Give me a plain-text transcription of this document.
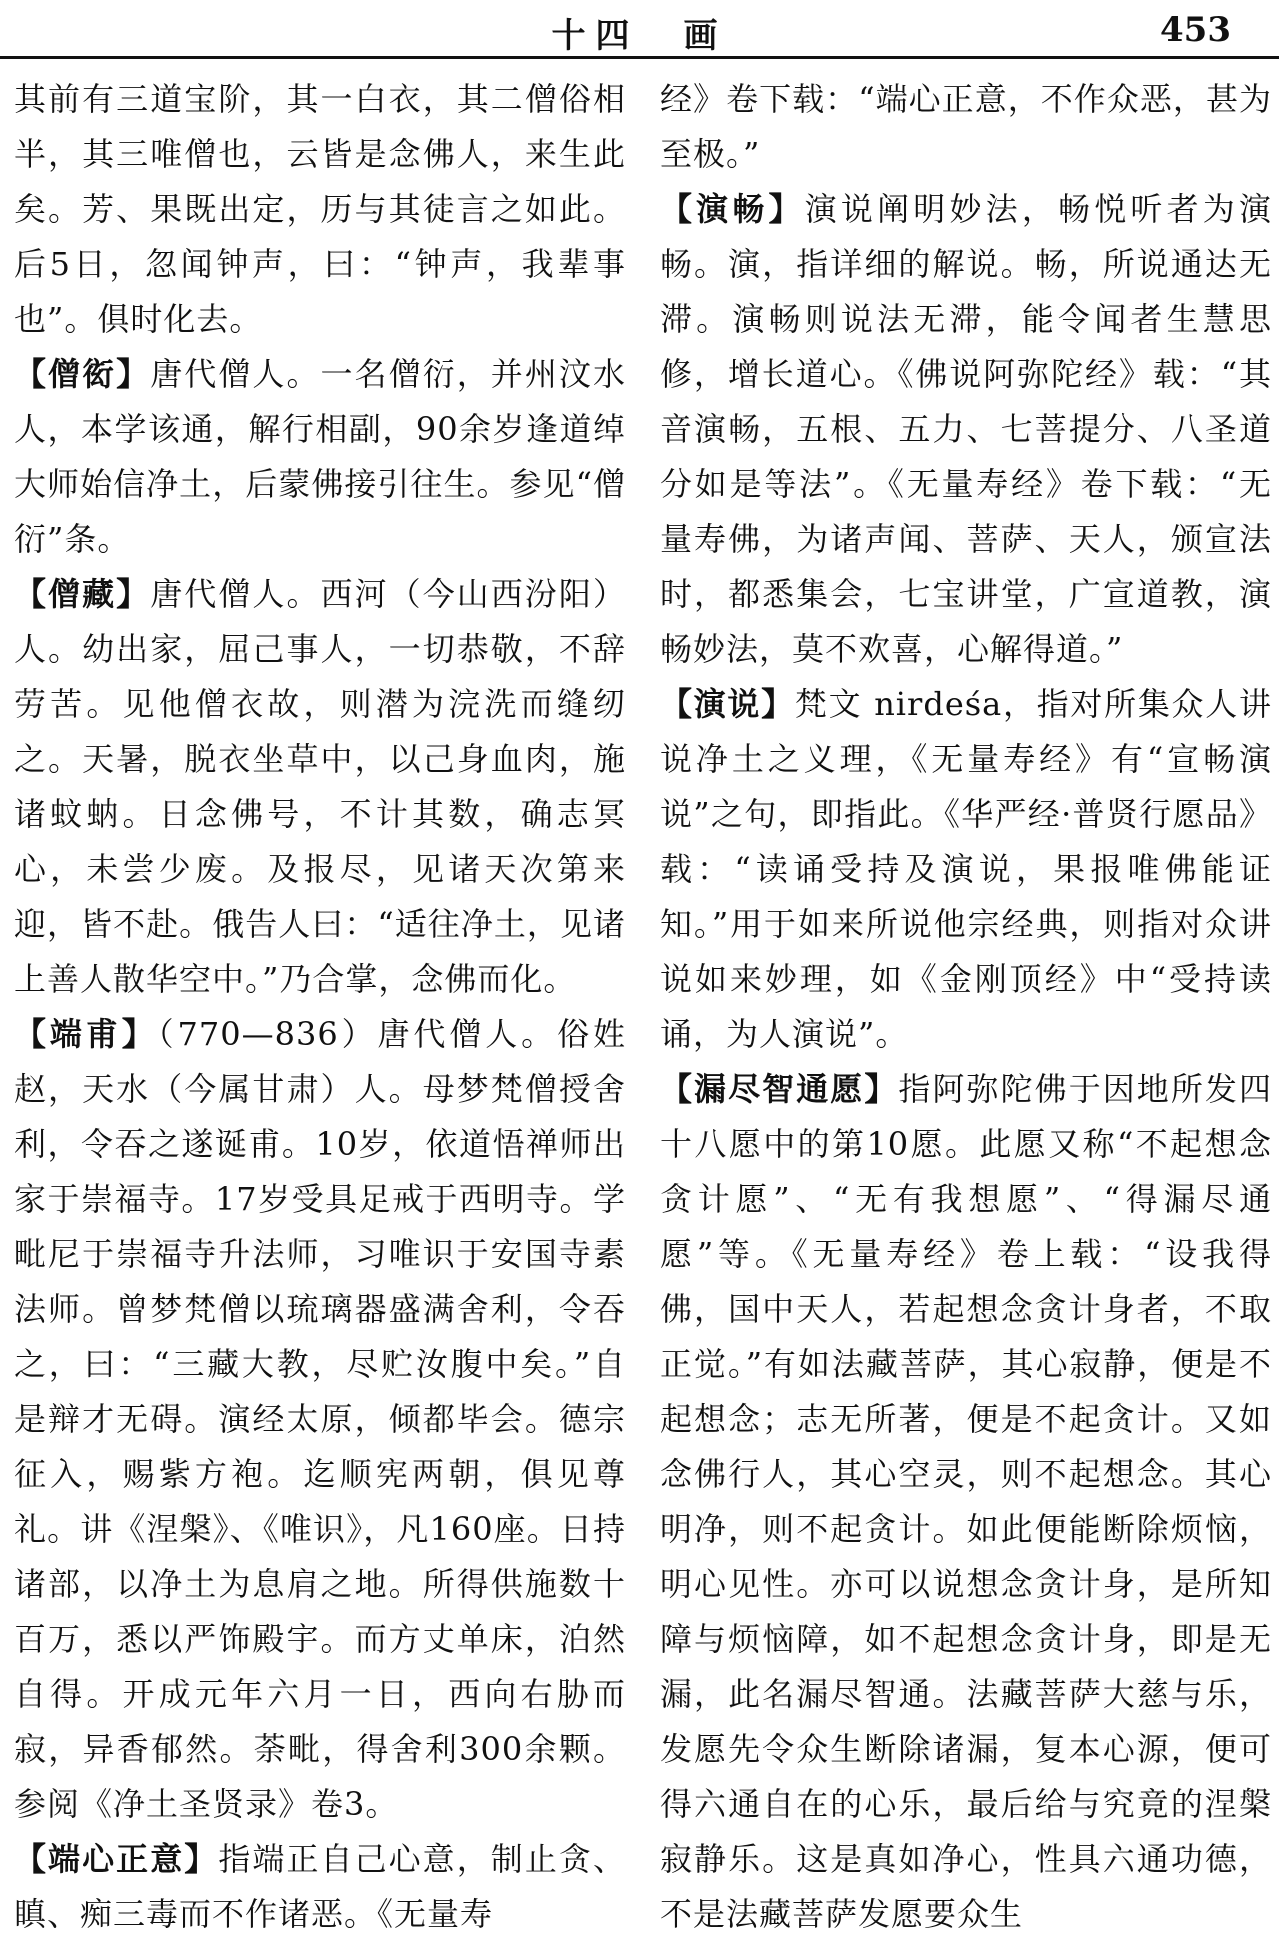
十四　画	453

其前有三道宝阶，其一白衣，其二僧俗相半，其三唯僧也，云皆是念佛人，来生此矣。芳、果既出定，历与其徒言之如此。后5日，忽闻钟声，曰：“钟声，我辈事也”。俱时化去。

【僧衒】唐代僧人。一名僧衍，并州汶水人，本学该通，解行相副，90余岁逢道绰大师始信净土，后蒙佛接引往生。参见“僧衍”条。

【僧藏】唐代僧人。西河（今山西汾阳）人。幼出家，屈己事人，一切恭敬，不辞劳苦。见他僧衣故，则潜为浣洗而缝纫之。天暑，脱衣坐草中，以己身血肉，施诸蚊蚋。日念佛号，不计其数，确志冥心，未尝少废。及报尽，见诸天次第来迎，皆不赴。俄告人曰：“适往净土，见诸上善人散华空中。”乃合掌，念佛而化。

【端甫】（770—836）唐代僧人。俗姓赵，天水（今属甘肃）人。母梦梵僧授舍利，令吞之遂诞甫。10岁，依道悟禅师出家于崇福寺。17岁受具足戒于西明寺。学毗尼于崇福寺升法师，习唯识于安国寺素法师。曾梦梵僧以琉璃器盛满舍利，令吞之，曰：“三藏大教，尽贮汝腹中矣。”自是辩才无碍。演经太原，倾都毕会。德宗征入，赐紫方袍。迄顺宪两朝，俱见尊礼。讲《涅槃》、《唯识》，凡160座。日持诸部，以净土为息肩之地。所得供施数十百万，悉以严饰殿宇。而方丈单床，泊然自得。开成元年六月一日，西向右胁而寂，异香郁然。荼毗，得舍利300余颗。参阅《净土圣贤录》卷3。

【端心正意】指端正自己心意，制止贪、瞋、痴三毒而不作诸恶。《无量寿

经》卷下载：“端心正意，不作众恶，甚为至极。”

【演畅】演说阐明妙法，畅悦听者为演畅。演，指详细的解说。畅，所说通达无滞。演畅则说法无滞，能令闻者生慧思修，增长道心。《佛说阿弥陀经》载：“其音演畅，五根、五力、七菩提分、八圣道分如是等法”。《无量寿经》卷下载：“无量寿佛，为诸声闻、菩萨、天人，颁宣法时，都悉集会，七宝讲堂，广宣道教，演畅妙法，莫不欢喜，心解得道。”

【演说】梵文 nirdeśa，指对所集众人讲说净土之义理，《无量寿经》有“宣畅演说”之句，即指此。《华严经·普贤行愿品》载：“读诵受持及演说，果报唯佛能证知。”用于如来所说他宗经典，则指对众讲说如来妙理，如《金刚顶经》中“受持读诵，为人演说”。

【漏尽智通愿】指阿弥陀佛于因地所发四十八愿中的第10愿。此愿又称“不起想念贪计愿”、“无有我想愿”、“得漏尽通愿”等。《无量寿经》卷上载：“设我得佛，国中天人，若起想念贪计身者，不取正觉。”有如法藏菩萨，其心寂静，便是不起想念；志无所著，便是不起贪计。又如念佛行人，其心空灵，则不起想念。其心明净，则不起贪计。如此便能断除烦恼，明心见性。亦可以说想念贪计身，是所知障与烦恼障，如不起想念贪计身，即是无漏，此名漏尽智通。法藏菩萨大慈与乐，发愿先令众生断除诸漏，复本心源，便可得六通自在的心乐，最后给与究竟的涅槃寂静乐。这是真如净心，性具六通功德，不是法藏菩萨发愿要众生
